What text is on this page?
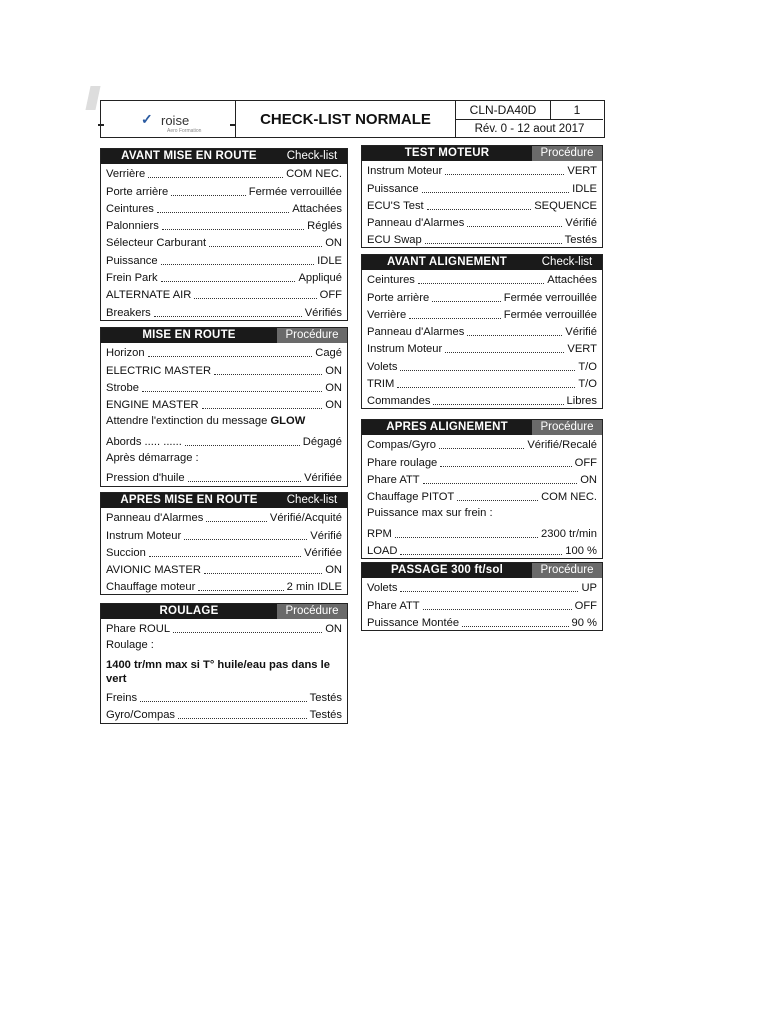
✓ roise
Aero Formation
CHECK-LIST NORMALE
CLN-DA40D	1
Rév. 0 - 12 aout 2017
AVANT MISE EN ROUTE	Check-list
Verrière	COM NEC.
Porte arrière	Fermée verrouillée
Ceintures	Attachées
Palonniers	Réglés
Sélecteur Carburant	ON
Puissance	IDLE
Frein Park	Appliqué
ALTERNATE AIR	OFF
Breakers	Vérifiés
MISE EN ROUTE	Procédure
Horizon	Cagé
ELECTRIC MASTER	ON
Strobe	ON
ENGINE MASTER	ON
Attendre l'extinction du message GLOW
Abords ..... ......	Dégagé
Après démarrage :
Pression d'huile	Vérifiée
APRES MISE EN ROUTE	Check-list
Panneau d'Alarmes	Vérifié/Acquité
Instrum Moteur	Vérifié
Succion	Vérifiée
AVIONIC MASTER	ON
Chauffage moteur	2 min IDLE
ROULAGE	Procédure
Phare ROUL	ON
Roulage :
1400 tr/mn max si T° huile/eau pas dans le vert
Freins	Testés
Gyro/Compas	Testés
TEST MOTEUR	Procédure
Instrum Moteur	VERT
Puissance	IDLE
ECU'S Test	SEQUENCE
Panneau d'Alarmes	Vérifié
ECU Swap	Testés
AVANT ALIGNEMENT	Check-list
Ceintures	Attachées
Porte arrière	Fermée verrouillée
Verrière	Fermée verrouillée
Panneau d'Alarmes	Vérifié
Instrum Moteur	VERT
Volets	T/O
TRIM	T/O
Commandes	Libres
APRES ALIGNEMENT	Procédure
Compas/Gyro	Vérifié/Recalé
Phare roulage	OFF
Phare ATT	ON
Chauffage PITOT	COM NEC.
Puissance max sur frein :
RPM	2300 tr/min
LOAD	100 %
PASSAGE 300 ft/sol	Procédure
Volets	UP
Phare ATT	OFF
Puissance Montée	90 %
